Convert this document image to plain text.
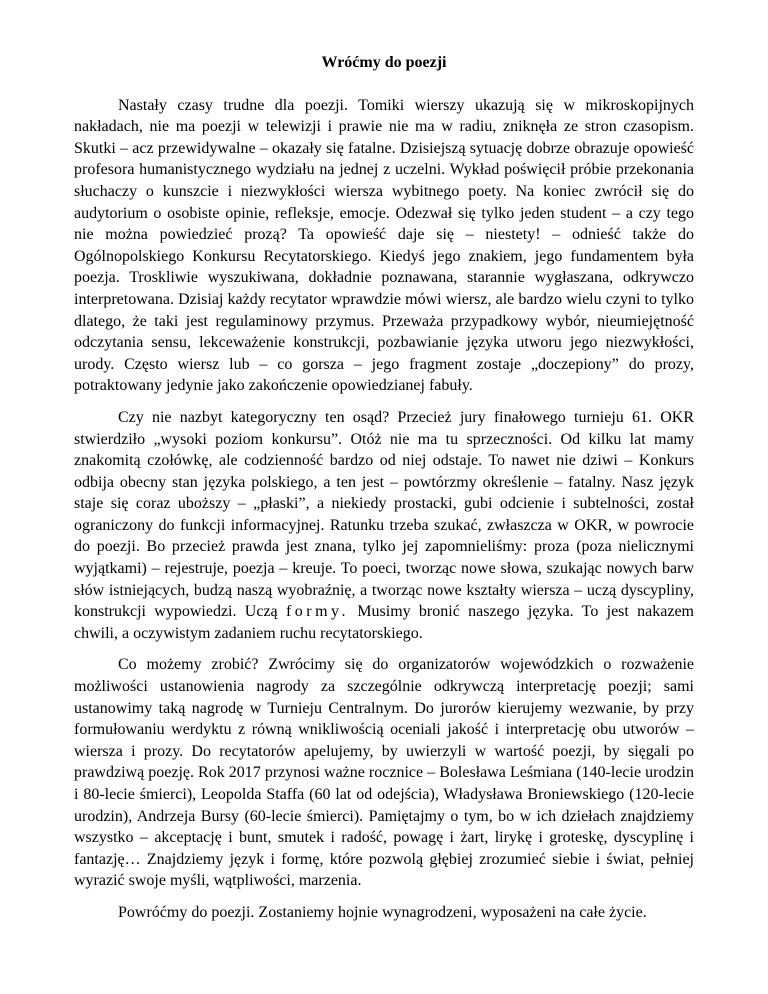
Wróćmy do poezji

Nastały czasy trudne dla poezji. Tomiki wierszy ukazują się w mikroskopijnych nakładach, nie ma poezji w telewizji i prawie nie ma w radiu, zniknęła ze stron czasopism. Skutki – acz przewidywalne – okazały się fatalne. Dzisiejszą sytuację dobrze obrazuje opowieść profesora humanistycznego wydziału na jednej z uczelni. Wykład poświęcił próbie przekonania słuchaczy o kunszcie i niezwykłości wiersza wybitnego poety. Na koniec zwrócił się do audytorium o osobiste opinie, refleksje, emocje. Odezwał się tylko jeden student – a czy tego nie można powiedzieć prozą? Ta opowieść daje się – niestety! – odnieść także do Ogólnopolskiego Konkursu Recytatorskiego. Kiedyś jego znakiem, jego fundamentem była poezja. Troskliwie wyszukiwana, dokładnie poznawana, starannie wygłaszana, odkrywczo interpretowana. Dzisiaj każdy recytator wprawdzie mówi wiersz, ale bardzo wielu czyni to tylko dlatego, że taki jest regulaminowy przymus. Przeważa przypadkowy wybór, nieumiejętność odczytania sensu, lekceważenie konstrukcji, pozbawianie języka utworu jego niezwykłości, urody. Często wiersz lub – co gorsza – jego fragment zostaje „doczepiony” do prozy, potraktowany jedynie jako zakończenie opowiedzianej fabuły.

Czy nie nazbyt kategoryczny ten osąd? Przecież jury finałowego turnieju 61. OKR stwierdziło „wysoki poziom konkursu”. Otóż nie ma tu sprzeczności. Od kilku lat mamy znakomitą czołówkę, ale codzienność bardzo od niej odstaje. To nawet nie dziwi – Konkurs odbija obecny stan języka polskiego, a ten jest – powtórzmy określenie – fatalny. Nasz język staje się coraz uboższy – „płaski”, a niekiedy prostacki, gubi odcienie i subtelności, został ograniczony do funkcji informacyjnej. Ratunku trzeba szukać, zwłaszcza w OKR, w powrocie do poezji. Bo przecież prawda jest znana, tylko jej zapomnieliśmy: proza (poza nielicznymi wyjątkami) – rejestruje, poezja – kreuje. To poeci, tworząc nowe słowa, szukając nowych barw słów istniejących, budzą naszą wyobraźnię, a tworząc nowe kształty wiersza – uczą dyscypliny, konstrukcji wypowiedzi. Uczą formy. Musimy bronić naszego języka. To jest nakazem chwili, a oczywistym zadaniem ruchu recytatorskiego.

Co możemy zrobić? Zwrócimy się do organizatorów wojewódzkich o rozważenie możliwości ustanowienia nagrody za szczególnie odkrywczą interpretację poezji; sami ustanowimy taką nagrodę w Turnieju Centralnym. Do jurorów kierujemy wezwanie, by przy formułowaniu werdyktu z równą wnikliwością oceniali jakość i interpretację obu utworów – wiersza i prozy. Do recytatorów apelujemy, by uwierzyli w wartość poezji, by sięgali po prawdziwą poezję. Rok 2017 przynosi ważne rocznice – Bolesława Leśmiana (140-lecie urodzin i 80-lecie śmierci), Leopolda Staffa (60 lat od odejścia), Władysława Broniewskiego (120-lecie urodzin), Andrzeja Bursy (60-lecie śmierci). Pamiętajmy o tym, bo w ich dziełach znajdziemy wszystko – akceptację i bunt, smutek i radość, powagę i żart, lirykę i groteskę, dyscyplinę i fantazję… Znajdziemy język i formę, które pozwolą głębiej zrozumieć siebie i świat, pełniej wyrazić swoje myśli, wątpliwości, marzenia.

Powróćmy do poezji. Zostaniemy hojnie wynagrodzeni, wyposażeni na całe życie.
